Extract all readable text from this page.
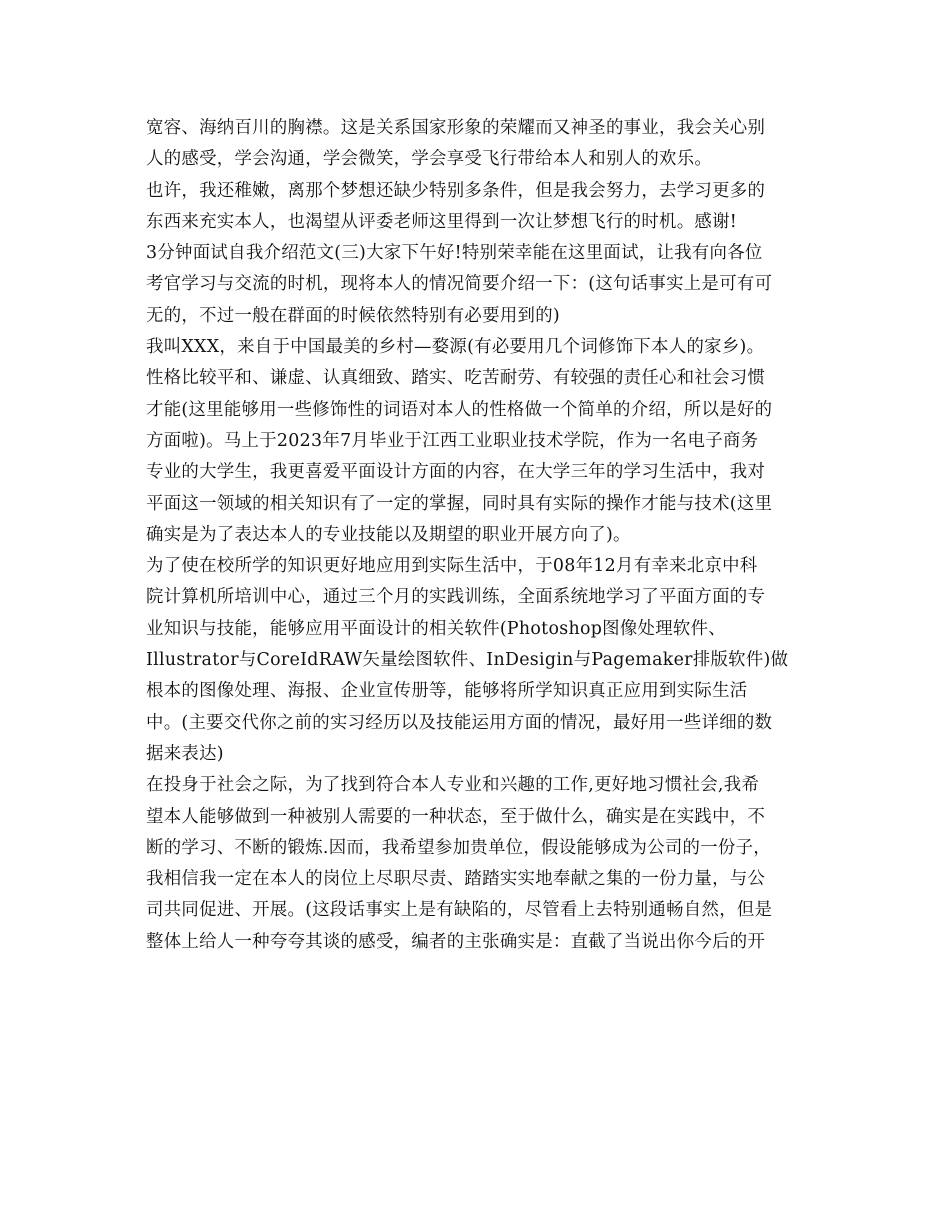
宽容、海纳百川的胸襟。这是关系国家形象的荣耀而又神圣的事业，我会关心别
人的感受，学会沟通，学会微笑，学会享受飞行带给本人和别人的欢乐。
也许，我还稚嫩，离那个梦想还缺少特别多条件，但是我会努力，去学习更多的
东西来充实本人，也渴望从评委老师这里得到一次让梦想飞行的时机。感谢!
3分钟面试自我介绍范文(三)大家下午好!特别荣幸能在这里面试，让我有向各位
考官学习与交流的时机，现将本人的情况简要介绍一下：(这句话事实上是可有可
无的，不过一般在群面的时候依然特别有必要用到的)
我叫XXX，来自于中国最美的乡村—婺源(有必要用几个词修饰下本人的家乡)。
性格比较平和、谦虚、认真细致、踏实、吃苦耐劳、有较强的责任心和社会习惯
才能(这里能够用一些修饰性的词语对本人的性格做一个简单的介绍，所以是好的
方面啦)。马上于2023年7月毕业于江西工业职业技术学院，作为一名电子商务
专业的大学生，我更喜爱平面设计方面的内容，在大学三年的学习生活中，我对
平面这一领域的相关知识有了一定的掌握，同时具有实际的操作才能与技术(这里
确实是为了表达本人的专业技能以及期望的职业开展方向了)。
为了使在校所学的知识更好地应用到实际生活中，于08年12月有幸来北京中科
院计算机所培训中心，通过三个月的实践训练，全面系统地学习了平面方面的专
业知识与技能，能够应用平面设计的相关软件(Photoshop图像处理软件、
Illustrator与CoreIdRAW矢量绘图软件、InDesigin与Pagemaker排版软件)做
根本的图像处理、海报、企业宣传册等，能够将所学知识真正应用到实际生活
中。(主要交代你之前的实习经历以及技能运用方面的情况，最好用一些详细的数
据来表达)
在投身于社会之际，为了找到符合本人专业和兴趣的工作,更好地习惯社会,我希
望本人能够做到一种被别人需要的一种状态，至于做什么，确实是在实践中，不
断的学习、不断的锻炼.因而，我希望参加贵单位，假设能够成为公司的一份子，
我相信我一定在本人的岗位上尽职尽责、踏踏实实地奉献之集的一份力量，与公
司共同促进、开展。(这段话事实上是有缺陷的，尽管看上去特别通畅自然，但是
整体上给人一种夸夸其谈的感受，编者的主张确实是：直截了当说出你今后的开
